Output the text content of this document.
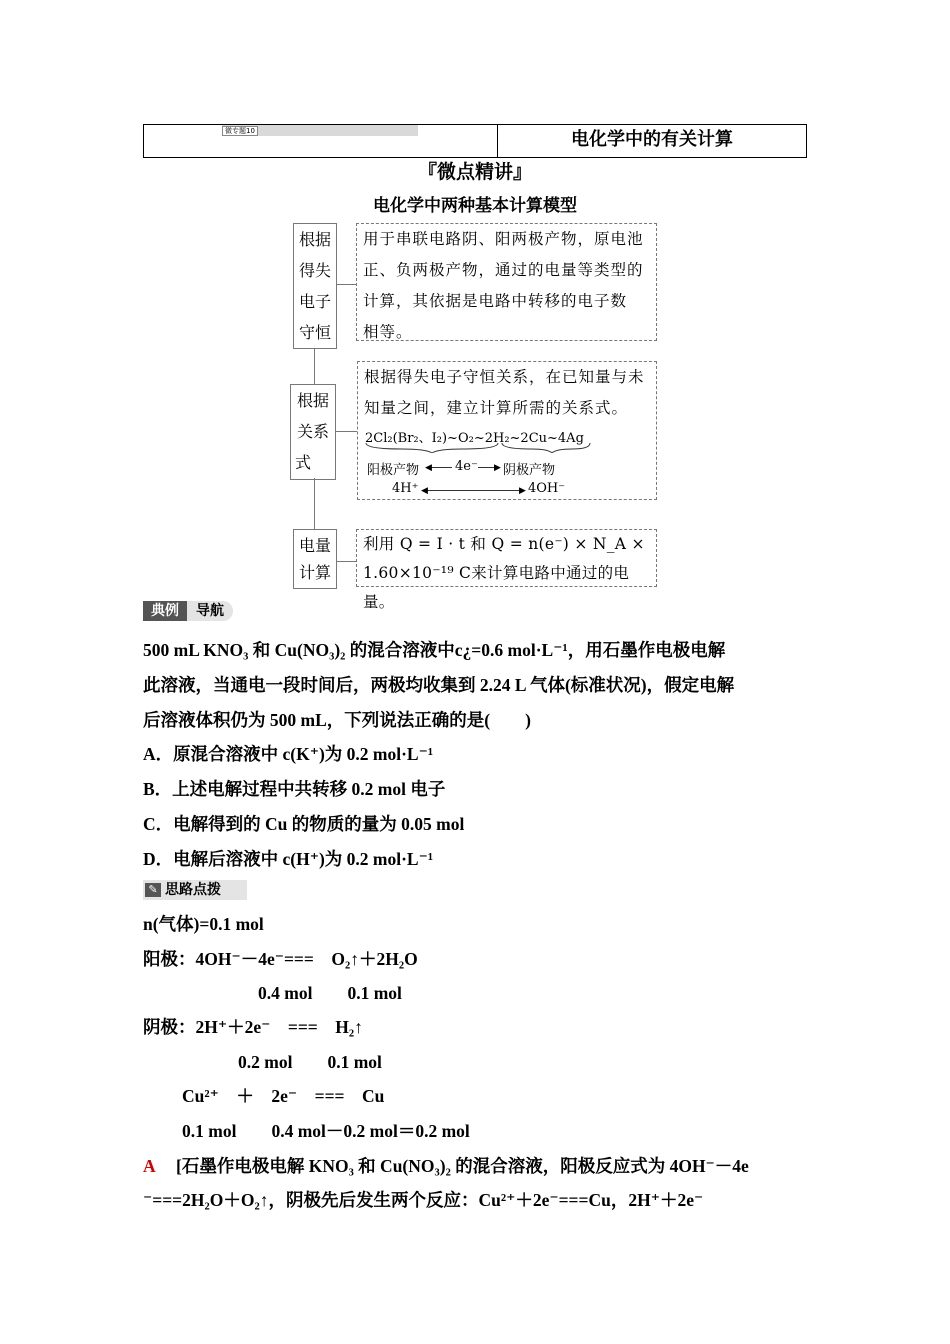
微专题10	电化学中的有关计算
『微点精讲』
电化学中两种基本计算模型
根据
得失
电子
守恒
用于串联电路阴、阳两极产物，原电池
正、负两极产物，通过的电量等类型的
计算，其依据是电路中转移的电子数
相等。
根据
关系
式
根据得失电子守恒关系，在已知量与未
知量之间，建立计算所需的关系式。
2Cl₂(Br₂、I₂)~O₂~2H₂~2Cu~4Ag
阳极产物 ◀ 4e⁻ ▶ 阴极产物
4H⁺ ◀	▶ 4OH⁻
电量
计算
利用 Q = I · t 和 Q = n(e⁻) × N_A ×
1.60×10⁻¹⁹ C来计算电路中通过的电量。
典例	导航
500 mL KNO₃ 和 Cu(NO₃)₂ 的混合溶液中c¿=0.6 mol·L⁻¹，用石墨作电极电解
此溶液，当通电一段时间后，两极均收集到 2.24 L 气体(标准状况)，假定电解
后溶液体积仍为 500 mL，下列说法正确的是(　　)
A．原混合溶液中 c(K⁺)为 0.2 mol·L⁻¹
B．上述电解过程中共转移 0.2 mol 电子
C．电解得到的 Cu 的物质的量为 0.05 mol
D．电解后溶液中 c(H⁺)为 0.2 mol·L⁻¹
✎ 思路点拨
n(气体)=0.1 mol
阳极：4OH⁻－4e⁻===　O₂↑＋2H₂O
0.4 mol　　0.1 mol
阴极：2H⁺＋2e⁻　===　H₂↑
0.2 mol　　0.1 mol
Cu²⁺　＋　2e⁻　===　Cu
0.1 mol　　0.4 mol－0.2 mol＝0.2 mol
A [石墨作电极电解 KNO₃ 和 Cu(NO₃)₂ 的混合溶液，阳极反应式为 4OH⁻－4e
⁻===2H₂O＋O₂↑，阴极先后发生两个反应：Cu²⁺＋2e⁻===Cu，2H⁺＋2e⁻
